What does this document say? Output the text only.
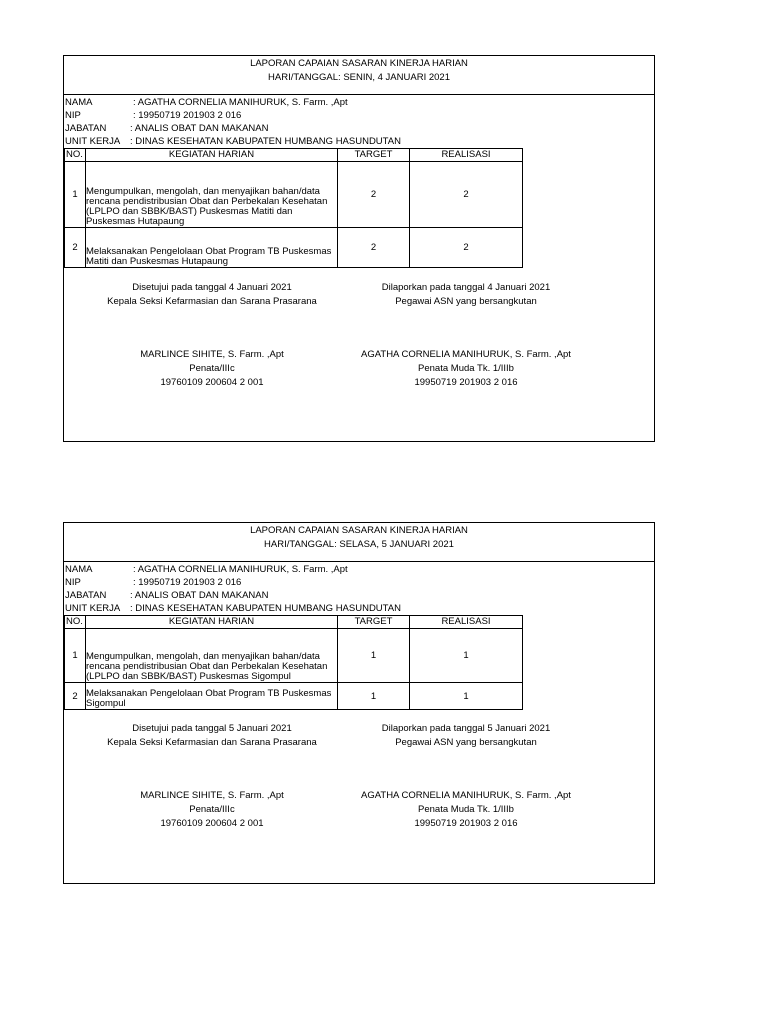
LAPORAN CAPAIAN SASARAN KINERJA HARIAN
HARI/TANGGAL: SENIN, 4 JANUARI 2021
NAMA	: AGATHA CORNELIA MANIHURUK, S. Farm. ,Apt
NIP	: 19950719 201903 2 016
JABATAN : ANALIS OBAT DAN MAKANAN
UNIT KERJA : DINAS KESEHATAN KABUPATEN HUMBANG HASUNDUTAN
NO.	KEGIATAN HARIAN	TARGET	REALISASI
1	Mengumpulkan, mengolah, dan menyajikan bahan/data rencana pendistribusian Obat dan Perbekalan Kesehatan (LPLPO dan SBBK/BAST) Puskesmas Matiti dan Puskesmas Hutapaung	2	2
2	Melaksanakan Pengelolaan Obat Program TB Puskesmas Matiti dan Puskesmas Hutapaung	2	2
Disetujui pada tanggal 4 Januari 2021
Kepala Seksi Kefarmasian dan Sarana Prasarana
Dilaporkan pada tanggal 4 Januari 2021
Pegawai ASN yang bersangkutan
MARLINCE SIHITE, S. Farm. ,Apt
Penata/IIIc
19760109 200604 2 001
AGATHA CORNELIA MANIHURUK, S. Farm. ,Apt
Penata Muda Tk. 1/IIIb
19950719 201903 2 016
LAPORAN CAPAIAN SASARAN KINERJA HARIAN
HARI/TANGGAL: SELASA, 5 JANUARI 2021
NAMA	: AGATHA CORNELIA MANIHURUK, S. Farm. ,Apt
NIP	: 19950719 201903 2 016
JABATAN : ANALIS OBAT DAN MAKANAN
UNIT KERJA : DINAS KESEHATAN KABUPATEN HUMBANG HASUNDUTAN
NO.	KEGIATAN HARIAN	TARGET	REALISASI
1	Mengumpulkan, mengolah, dan menyajikan bahan/data rencana pendistribusian Obat dan Perbekalan Kesehatan (LPLPO dan SBBK/BAST) Puskesmas Sigompul	1	1
2	Melaksanakan Pengelolaan Obat Program TB Puskesmas Sigompul	1	1
Disetujui pada tanggal 5 Januari 2021
Kepala Seksi Kefarmasian dan Sarana Prasarana
Dilaporkan pada tanggal 5 Januari 2021
Pegawai ASN yang bersangkutan
MARLINCE SIHITE, S. Farm. ,Apt
Penata/IIIc
19760109 200604 2 001
AGATHA CORNELIA MANIHURUK, S. Farm. ,Apt
Penata Muda Tk. 1/IIIb
19950719 201903 2 016
